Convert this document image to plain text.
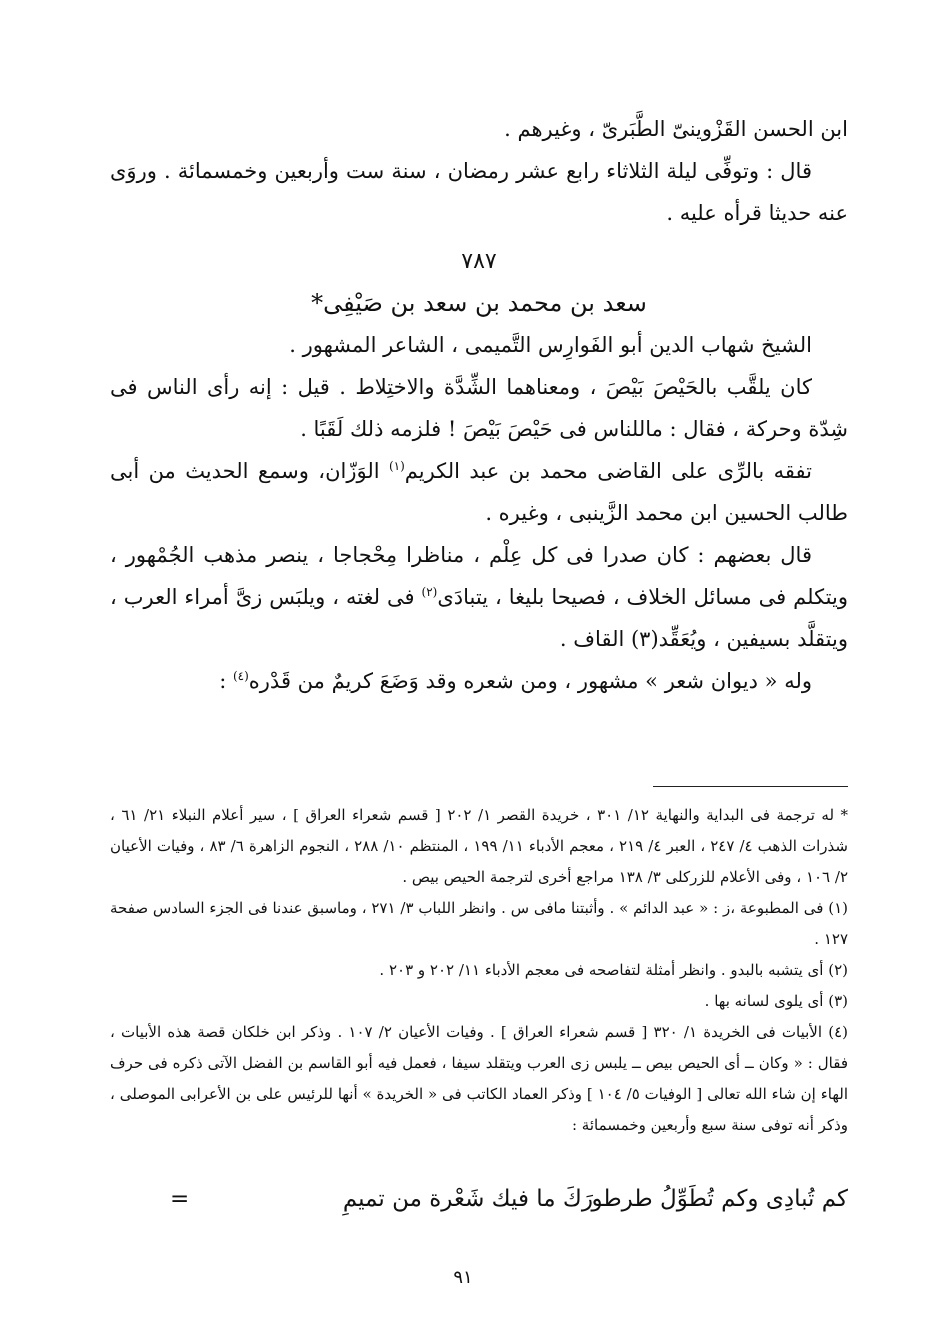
ابن الحسن القَزْوينىّ الطَّبَرىّ ، وغيرهم .

قال : وتوفِّى ليلة الثلاثاء رابع عشر رمضان ، سنة ست وأربعين وخمسمائة . وروَى عنه حديثا قرأه عليه .

٧٨٧
سعد بن محمد بن سعد بن صَيْفِى*

الشيخ شهاب الدين أبو الفَوارِس التَّميمى ، الشاعر المشهور .

كان يلقَّب بالحَيْصَ بَيْصَ ، ومعناهما الشِّدَّة والاختِلاط . قيل : إنه رأى الناس فى شِدّة وحركة ، فقال : ماللناس فى حَيْصَ بَيْصَ ! فلزمه ذلك لَقَبًا .

تفقه بالرِّى على القاضى محمد بن عبد الكريم$^{(١)}$ الوَزّان، وسمع الحديث من أبى طالب الحسين ابن محمد الزَّينبى ، وغيره .

قال بعضهم : كان صدرا فى كل عِلْم ، مناظرا مِحْجاجا ، ينصر مذهب الجُمْهور ، ويتكلم فى مسائل الخلاف ، فصيحا بليغا ، يتبادَى$^{(٢)}$ فى لغته ، ويلبَس زىَّ أمراء العرب ، ويتقلَّد بسيفين ، ويُعَقِّد(٣) القاف .

وله « ديوان شعر » مشهور ، ومن شعره وقد وَضَعَ كريمٌ من قَدْره$^{(٤)}$ :

* له ترجمة فى البداية والنهاية ١٢/ ٣٠١ ، خريدة القصر ١/ ٢٠٢ [ قسم شعراء العراق ] ، سير أعلام النبلاء ٢١/ ٦١ ، شذرات الذهب ٤/ ٢٤٧ ، العبر ٤/ ٢١٩ ، معجم الأدباء ١١/ ١٩٩ ، المنتظم ١٠/ ٢٨٨ ، النجوم الزاهرة ٦/ ٨٣ ، وفيات الأعيان ٢/ ١٠٦ ، وفى الأعلام للزركلى ٣/ ١٣٨ مراجع أخرى لترجمة الحيص بيص .

(١) فى المطبوعة ،ز : « عبد الدائم » . وأثبتنا مافى س . وانظر اللباب ٣/ ٢٧١ ، وماسبق عندنا فى الجزء السادس صفحة ١٢٧ .

(٢) أى يتشبه بالبدو . وانظر أمثلة لتفاصحه فى معجم الأدباء ١١/ ٢٠٢ و ٢٠٣ .

(٣) أى يلوى لسانه بها .

(٤) الأبيات فى الخريدة ١/ ٣٢٠ [ قسم شعراء العراق ] . وفيات الأعيان ٢/ ١٠٧ . وذكر ابن خلكان قصة هذه الأبيات ، فقال : « وكان ــ أى الحيص بيص ــ يلبس زى العرب ويتقلد سيفا ، فعمل فيه أبو القاسم بن الفضل الآتى ذكره فى حرف الهاء إن شاء الله تعالى [ الوفيات ٥/ ١٠٤ ] وذكر العماد الكاتب فى « الخريدة » أنها للرئيس على بن الأعرابى الموصلى ، وذكر أنه توفى سنة سبع وأربعين وخمسمائة :

كم تُبادِى وكم تُطَوِّلُ طرطو
رَكَ ما فيك شَعْرة من تميمِ
=
٩١
